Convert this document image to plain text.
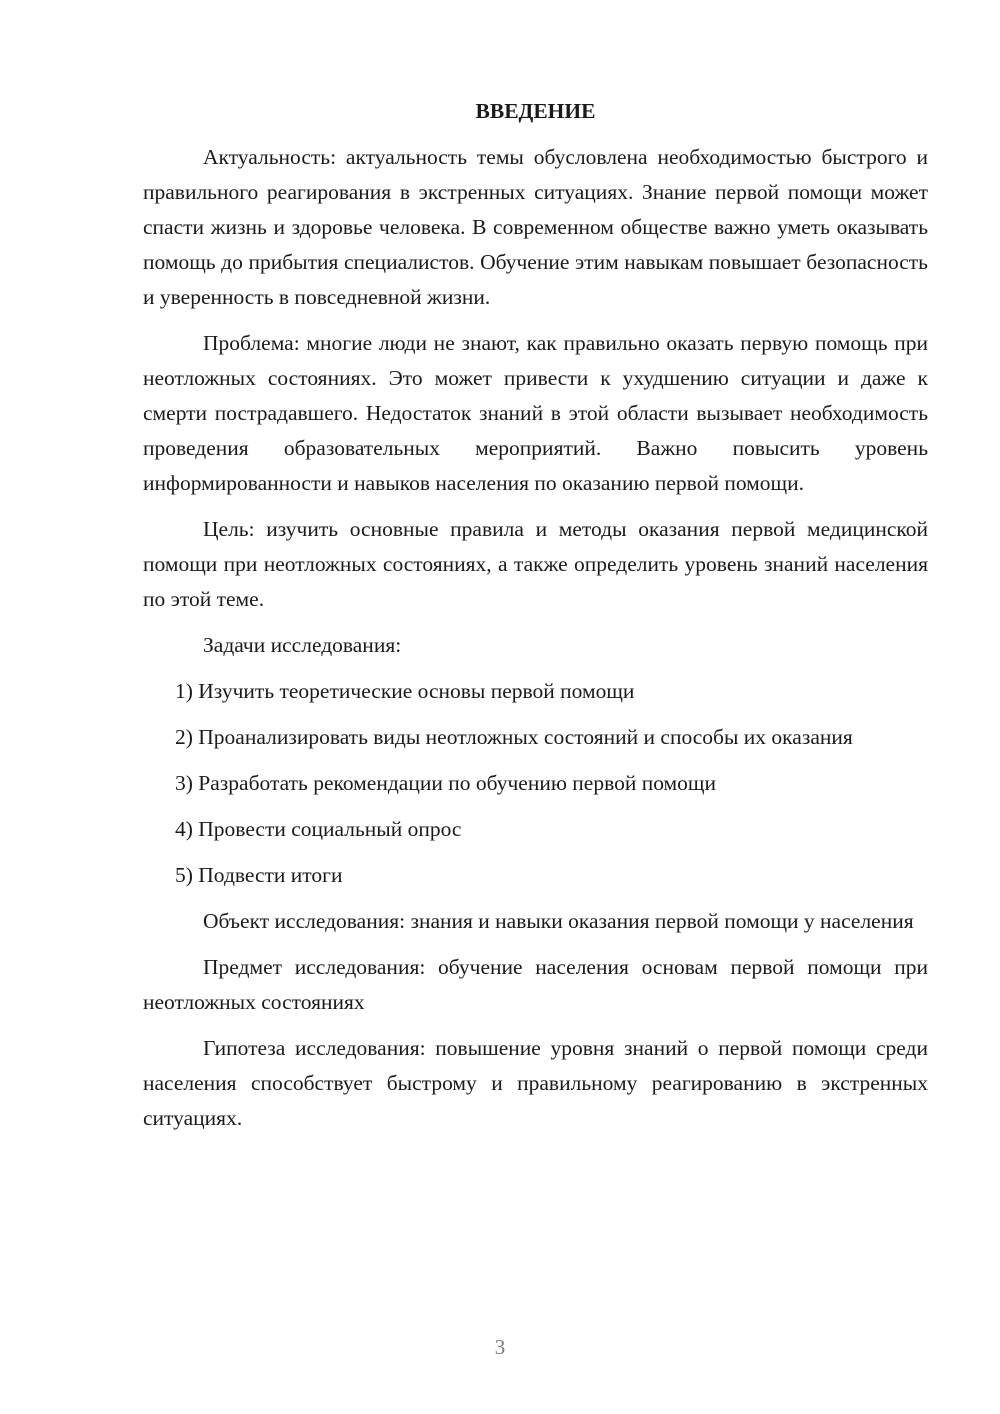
ВВЕДЕНИЕ

Актуальность: актуальность темы обусловлена необходимостью быстрого и правильного реагирования в экстренных ситуациях. Знание первой помощи может спасти жизнь и здоровье человека. В современном обществе важно уметь оказывать помощь до прибытия специалистов. Обучение этим навыкам повышает безопасность и уверенность в повседневной жизни.

Проблема: многие люди не знают, как правильно оказать первую помощь при неотложных состояниях. Это может привести к ухудшению ситуации и даже к смерти пострадавшего. Недостаток знаний в этой области вызывает необходимость проведения образовательных мероприятий. Важно повысить уровень информированности и навыков населения по оказанию первой помощи.

Цель: изучить основные правила и методы оказания первой медицинской помощи при неотложных состояниях, а также определить уровень знаний населения по этой теме.

Задачи исследования:

1) Изучить теоретические основы первой помощи

2) Проанализировать виды неотложных состояний и способы их оказания

3) Разработать рекомендации по обучению первой помощи

4) Провести социальный опрос

5) Подвести итоги

Объект исследования: знания и навыки оказания первой помощи у населения

Предмет исследования: обучение населения основам первой помощи при неотложных состояниях

Гипотеза исследования: повышение уровня знаний о первой помощи среди населения способствует быстрому и правильному реагированию в экстренных ситуациях.

3
